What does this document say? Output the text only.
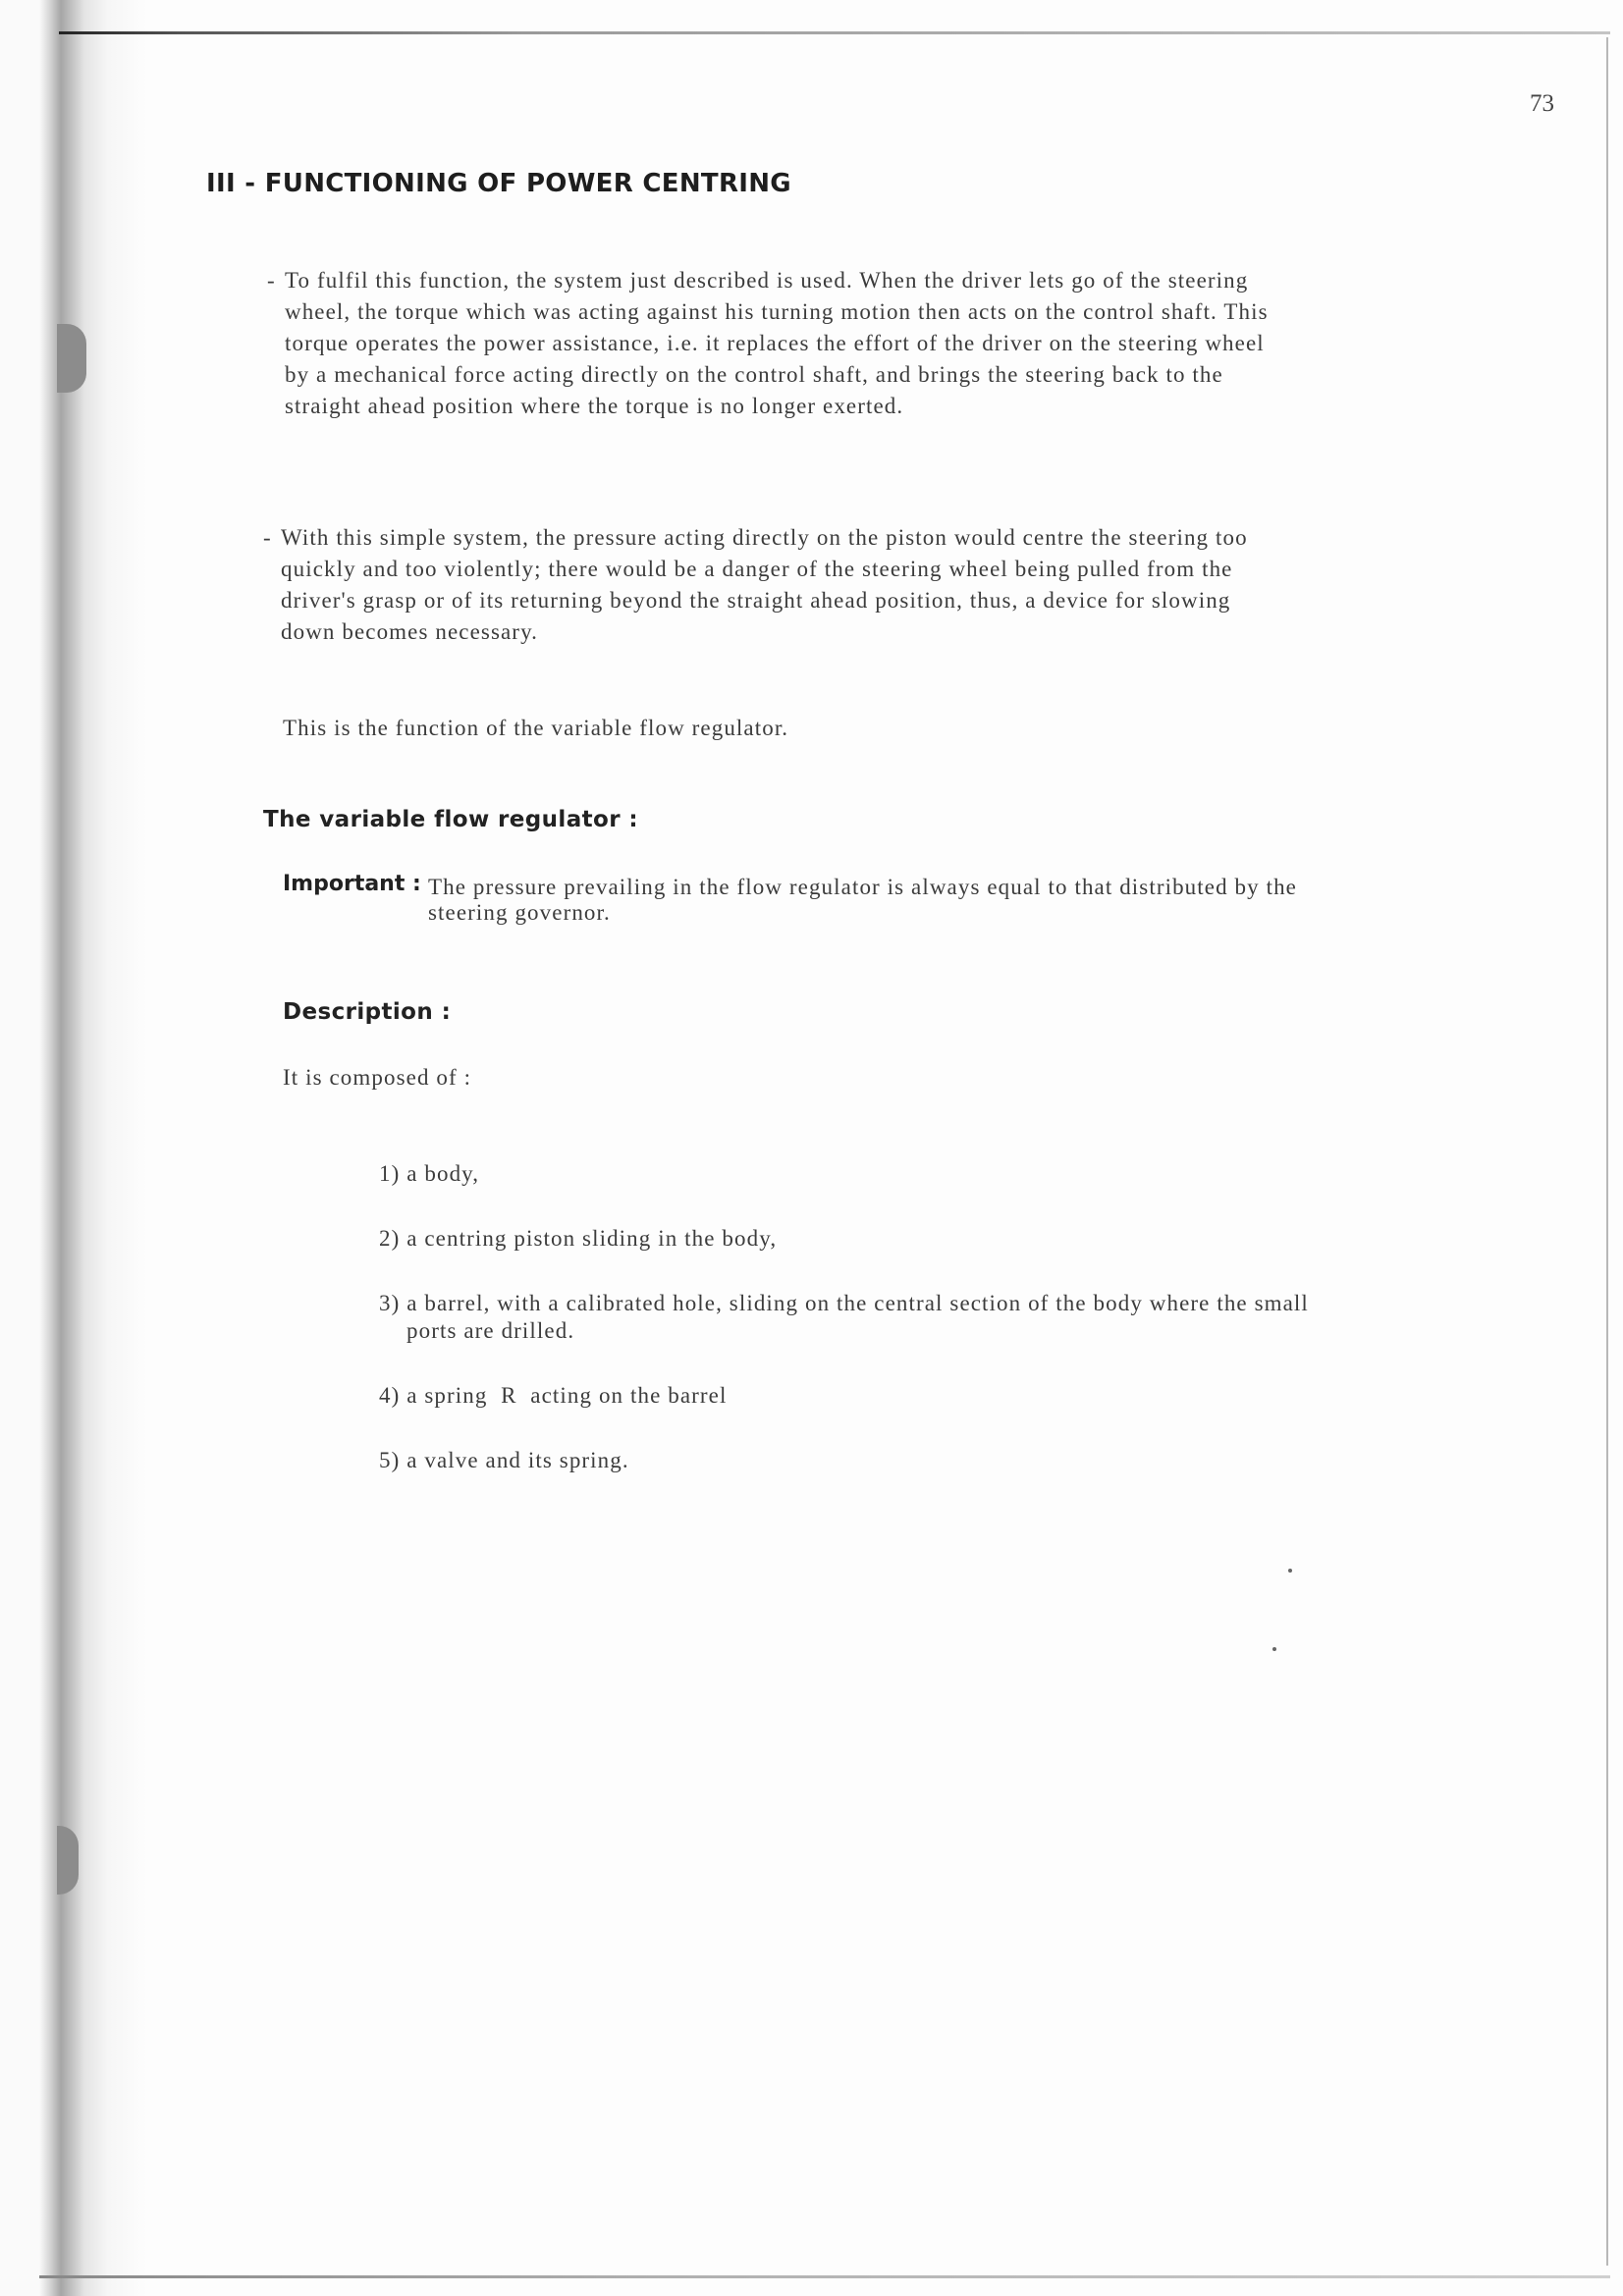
73
III - FUNCTIONING OF POWER CENTRING
- To fulfil this function, the system just described is used. When the driver lets go of the steering
wheel, the torque which was acting against his turning motion then acts on the control shaft. This
torque operates the power assistance, i.e. it replaces the effort of the driver on the steering wheel
by a mechanical force acting directly on the control shaft, and brings the steering back to the
straight ahead position where the torque is no longer exerted.
- With this simple system, the pressure acting directly on the piston would centre the steering too
quickly and too violently; there would be a danger of the steering wheel being pulled from the
driver's grasp or of its returning beyond the straight ahead position, thus, a device for slowing
down becomes necessary.
This is the function of the variable flow regulator.
The variable flow regulator :
Important : The pressure prevailing in the flow regulator is always equal to that distributed by the
steering governor.
Description :
It is composed of :
1) a body,
2) a centring piston sliding in the body,
3) a barrel, with a calibrated hole, sliding on the central section of the body where the small
ports are drilled.
4) a spring  R  acting on the barrel
5) a valve and its spring.
